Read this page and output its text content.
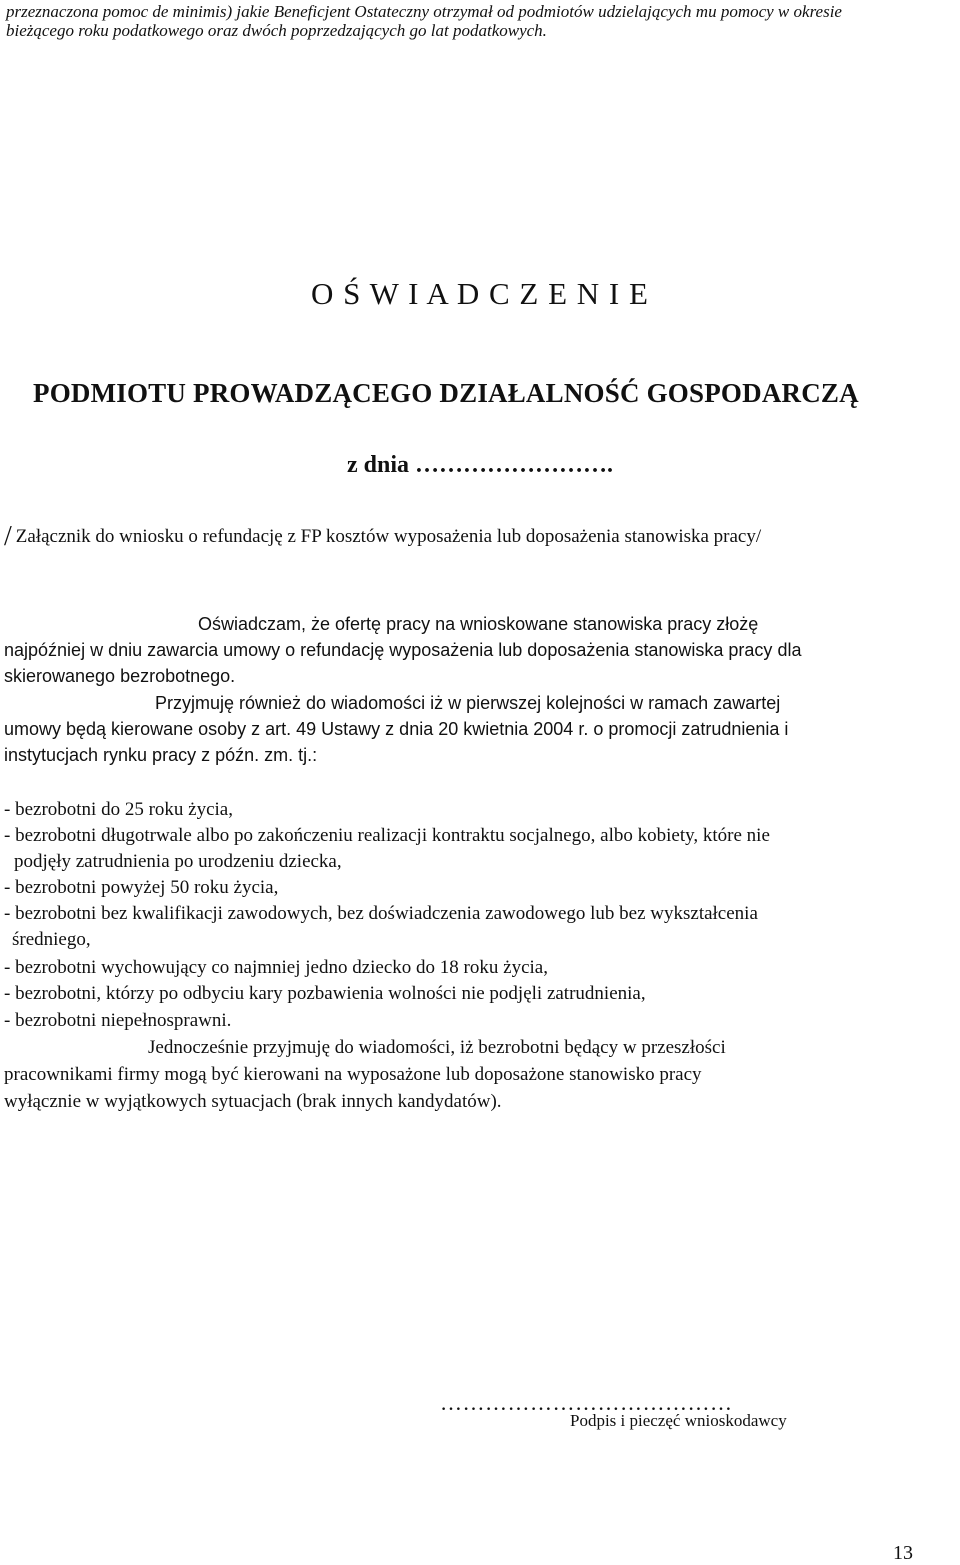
przeznaczona pomoc de minimis) jakie Beneficjent Ostateczny otrzymał od podmiotów udzielających mu pomocy w okresie
bieżącego roku podatkowego oraz dwóch poprzedzających go lat podatkowych.
O Ś W I A D C Z E N I E
PODMIOTU PROWADZĄCEGO DZIAŁALNOŚĆ GOSPODARCZĄ
z dnia …………………….
/ Załącznik do wniosku o refundację z FP kosztów wyposażenia lub doposażenia stanowiska pracy/
Oświadczam, że ofertę pracy na wnioskowane stanowiska pracy złożę
najpóźniej w dniu zawarcia umowy o refundację wyposażenia lub doposażenia stanowiska pracy dla
skierowanego bezrobotnego.
Przyjmuję również do wiadomości iż w pierwszej kolejności w ramach zawartej
umowy będą kierowane osoby z art. 49 Ustawy z dnia 20 kwietnia 2004 r. o promocji zatrudnienia i
instytucjach rynku pracy z późn. zm. tj.:
- bezrobotni do 25 roku życia,
- bezrobotni długotrwale albo po zakończeniu realizacji kontraktu socjalnego, albo kobiety, które nie
podjęły zatrudnienia po urodzeniu dziecka,
- bezrobotni powyżej 50 roku życia,
- bezrobotni bez kwalifikacji zawodowych, bez doświadczenia zawodowego lub bez wykształcenia
średniego,
- bezrobotni wychowujący co najmniej jedno dziecko do 18 roku życia,
- bezrobotni, którzy po odbyciu kary pozbawienia wolności nie podjęli zatrudnienia,
- bezrobotni niepełnosprawni.
Jednocześnie przyjmuję do wiadomości, iż bezrobotni będący w przeszłości
pracownikami firmy mogą być kierowani na wyposażone lub doposażone stanowisko pracy
wyłącznie w wyjątkowych sytuacjach (brak innych kandydatów).
…………………………………
Podpis i pieczęć wnioskodawcy
13
